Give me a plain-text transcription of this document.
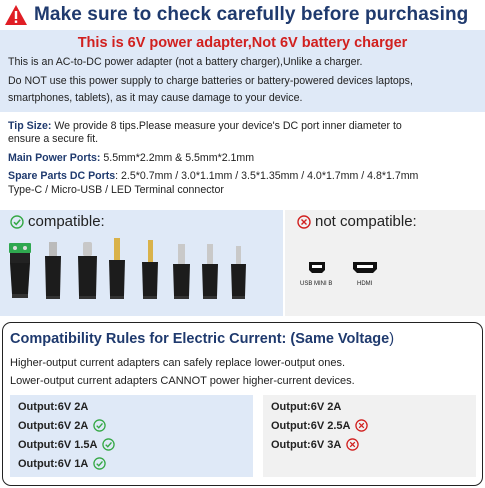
Make sure to check carefully before purchasing
This is 6V power adapter,Not 6V battery charger
This is an AC-to-DC power adapter (not a battery charger),Unlike a charger.
Do NOT use this power supply to charge batteries or battery-powered devices laptops,
smartphones, tablets), as it may cause damage to your device.
Tip Size: We provide 8 tips.Please measure your device's DC port inner diameter to
ensure a secure fit.
Main Power Ports: 5.5mm*2.2mm & 5.5mm*2.1mm
Spare Parts DC Ports: 2.5*0.7mm / 3.0*1.1mm / 3.5*1.35mm / 4.0*1.7mm / 4.8*1.7mm
Type-C / Micro-USB / LED Terminal connector
compatible:	not compatible:
USB MINI B	HDMI
Compatibility Rules for Electric Current: (Same Voltage)
Higher-output current adapters can safely replace lower-output ones.
Lower-output current adapters CANNOT power higher-current devices.
Output:6V 2A
Output:6V 2A
Output:6V 1.5A
Output:6V 1A
Output:6V 2A
Output:6V 2.5A
Output:6V 3A
